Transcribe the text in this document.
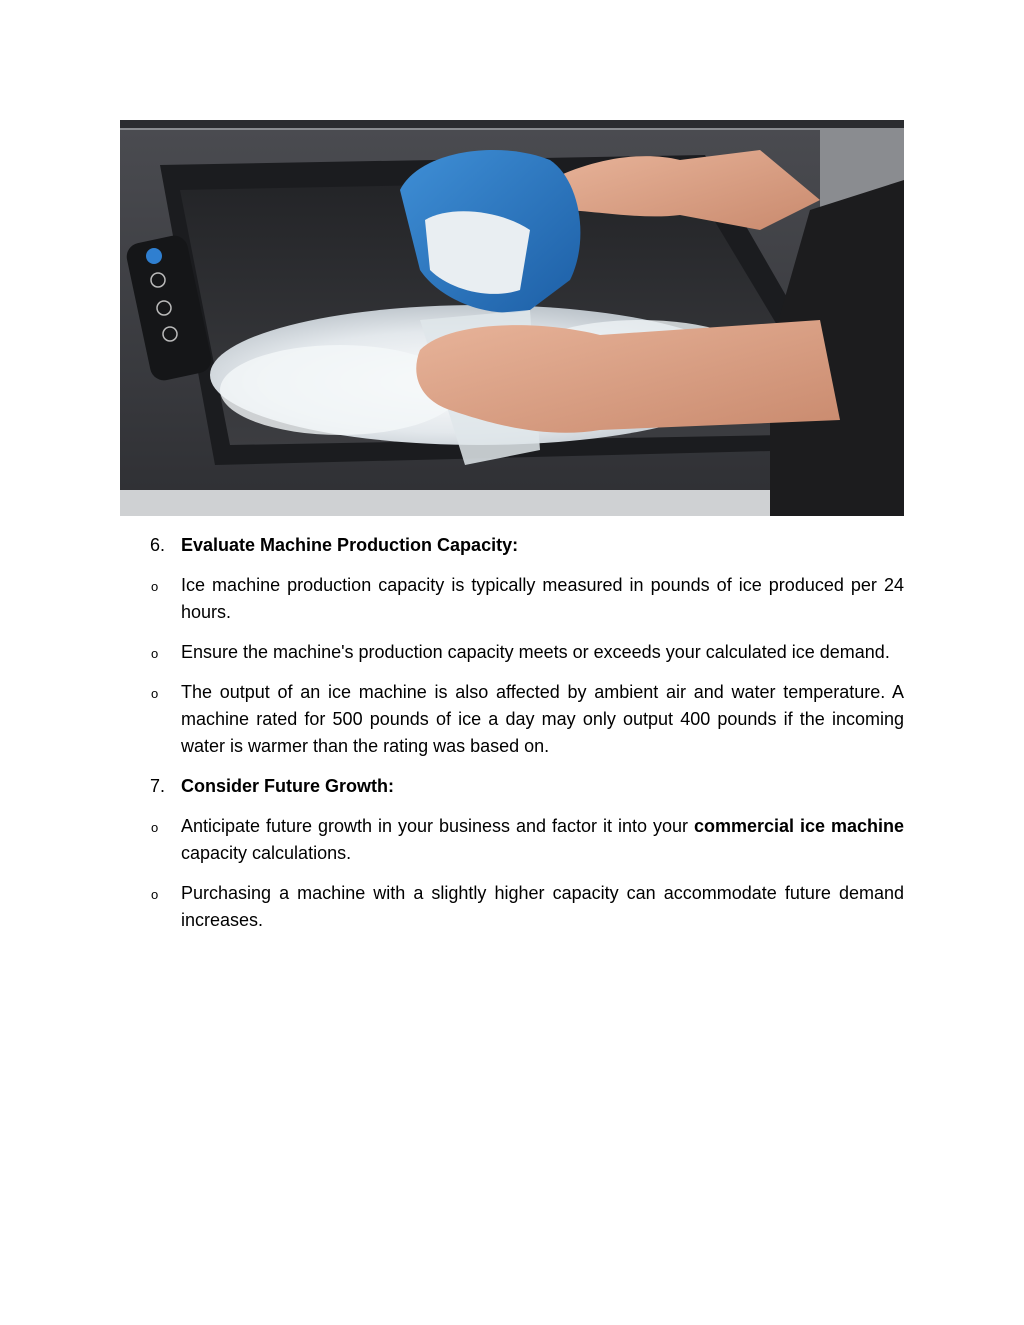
6. Evaluate Machine Production Capacity:
o Ice machine production capacity is typically measured in pounds of ice produced per 24 hours.
o Ensure the machine's production capacity meets or exceeds your calculated ice demand.
o The output of an ice machine is also affected by ambient air and water temperature. A machine rated for 500 pounds of ice a day may only output 400 pounds if the incoming water is warmer than the rating was based on.
7. Consider Future Growth:
o Anticipate future growth in your business and factor it into your commercial ice machine capacity calculations.
o Purchasing a machine with a slightly higher capacity can accommodate future demand increases.
